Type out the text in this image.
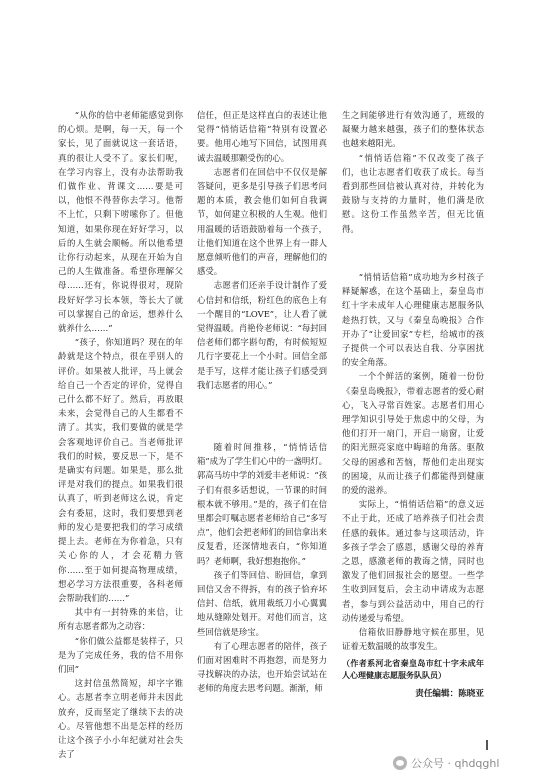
“从你的信中老师能感觉到你的心烦。是啊，每一天，每一个家长，见了面就说这一套话语，真的很让人受不了。家长们呢，在学习内容上，没有办法帮助我们做作业、背课文……要是可以，他恨不得替你去学习。他帮不上忙，只剩下唠嗦你了。但他知道，如果你现在好好学习，以后的人生就会顺畅。所以他希望让你行动起来，从现在开始为自己的人生做准备。希望你理解父母……还有，你说得很对，现阶段好好学习长本领，等长大了就可以掌握自己的命运，想养什么就养什么……”

“孩子，你知道吗？现在的年龄就是这个特点，很在乎别人的评价。如果被人批评，马上就会给自己一个否定的评价，觉得自己什么都不好了。然后，再放眼未来，会觉得自己的人生都看不清了。其实，我们要做的就是学会客观地评价自己。当老师批评我们的时候，要反思一下，是不是确实有问题。如果是，那么批评是对我们的提点。如果我们很认真了，听到老师这么说，肯定会有委屈，这时，我们要想到老师的发心是要把我们的学习成绩提上去。老师在为你着急，只有关心你的人，才会花精力管你……至于如何提高物理成绩，想必学习方法很重要，各科老师会帮助我们的……”

其中有一封特殊的来信，让所有志愿者都为之动容：

“你们做公益都是装样子，只是为了完成任务，我的信不用你们回”

这封信虽然简短，却字字锥心。志愿者李立明老师并未因此放弃，反而坚定了继续下去的决心。尽管他想不出是怎样的经历让这个孩子小小年纪就对社会失去了

信任，但正是这样直白的表述让他觉得“悄悄话信箱”特别有设置必要。他用心地写下回信，试图用真诚去温暖那颗受伤的心。

志愿者们在回信中不仅仅是解答疑问，更多是引导孩子们思考问题的本质，教会他们如何自我调节，如何建立积极的人生观。他们用温暖的话语鼓励着每一个孩子，让他们知道在这个世界上有一群人愿意倾听他们的声音，理解他们的感受。

志愿者们还亲手设计制作了爱心信封和信纸，粉红色的底色上有一个醒目的“LOVE”，让人看了就觉得温暖。肖艳伶老师说：“每封回信老师们都字斟句酌，有时候短短几行字要花上一个小时。回信全部是手写，这样才能让孩子们感受到我们志愿者的用心。”

随着时间推移，“悄悄话信箱”成为了学生们心中的一盏明灯。郭高马坊中学的刘爱丰老师说：“孩子们有很多话想说，一节课的时间根本就不够用。”是的，孩子们在信里都会叮嘱志愿者老师给自己“多写点”，他们会把老师们的回信拿出来反复看，还深情地表白，“你知道吗？老师啊，我好想抱抱你。”

孩子们等回信、盼回信，拿到回信又舍不得拆，有的孩子恰弃坏信封、信纸，就用裁纸刀小心翼翼地从缝隙处划开。对他们而言，这些回信就是珍宝。

有了心理志愿者的陪伴，孩子们面对困难时不再抱怨，而是努力寻找解决的办法，也开始尝试站在老师的角度去思考问题。渐渐，师

生之间能够进行有效沟通了，班级的凝聚力越来越强，孩子们的整体状态也越来越阳光。

“悄悄话信箱”不仅改变了孩子们，也让志愿者们收获了成长。每当看到那些回信被认真对待，并转化为鼓励与支持的力量时，他们满是欣慰。这份工作虽然辛苦，但无比值得。

“悄悄话信箱”成功地为乡村孩子释疑解惑，在这个基础上，秦皇岛市红十字未成年人心理健康志愿服务队趁热打铁，又与《秦皇岛晚报》合作开办了“让爱回家”专栏，给城市的孩子提供一个可以表达自我、分享困扰的安全角落。

一个个鲜活的案例，随着一份份《秦皇岛晚报》，带着志愿者的爱心耐心，飞入寻常百姓家。志愿者们用心理学知识引导处于焦虑中的父母，为他们打开一扇门，开启一扇窗，让爱的阳光照亮家庭中晦暗的角落。驱散父母的困惑和苦恼，帮他们走出现实的困境，从而让孩子们都能得到健康的爱的滋养。

实际上，“悄悄话信箱”的意义远不止于此，还成了培养孩子们社会责任感的载体。通过参与这项活动，许多孩子学会了感恩，感谢父母的养育之恩，感激老师的教诲之情，同时也激发了他们回报社会的愿望。一些学生收到回复后，会主动申请成为志愿者，参与到公益活动中，用自己的行动传递爱与希望。

信箱依旧静静地守候在那里，见证着无数温暖的故事发生。

（作者系河北省秦皇岛市红十字未成年人心理健康志愿服务队队员）

责任编辑：陈晓亚

公众号 · qhdqghl
